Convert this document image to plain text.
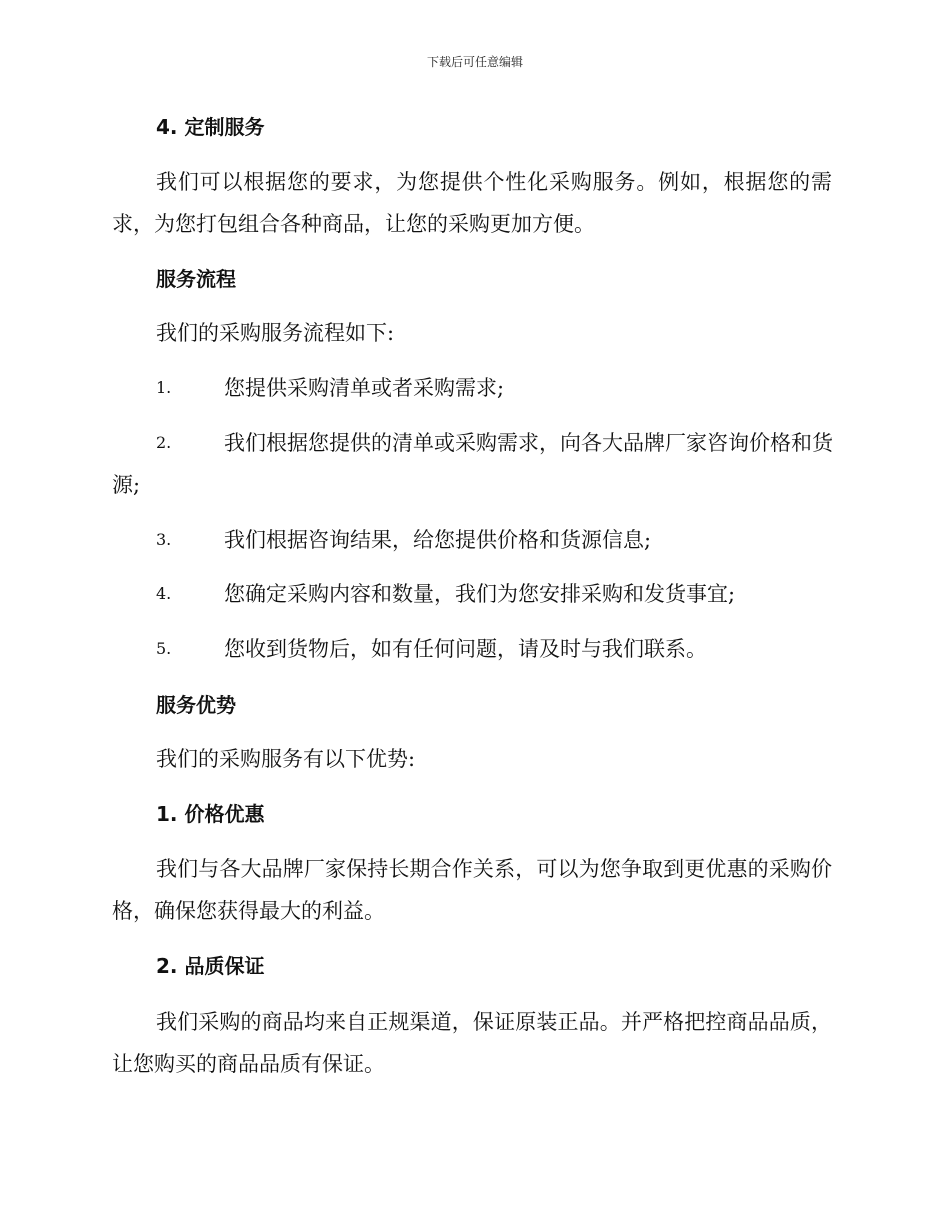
下载后可任意编辑
4. 定制服务

我们可以根据您的要求，为您提供个性化采购服务。例如，根据您的需求，为您打包组合各种商品，让您的采购更加方便。

服务流程
我们的采购服务流程如下:
1.	您提供采购清单或者采购需求;
2.	我们根据您提供的清单或采购需求，向各大品牌厂家咨询价格和货源;
3.	我们根据咨询结果，给您提供价格和货源信息;
4.	您确定采购内容和数量，我们为您安排采购和发货事宜;
5.	您收到货物后，如有任何问题，请及时与我们联系。
服务优势
我们的采购服务有以下优势:
1. 价格优惠

我们与各大品牌厂家保持长期合作关系，可以为您争取到更优惠的采购价格，确保您获得最大的利益。

2. 品质保证

我们采购的商品均来自正规渠道，保证原装正品。并严格把控商品品质，让您购买的商品品质有保证。
